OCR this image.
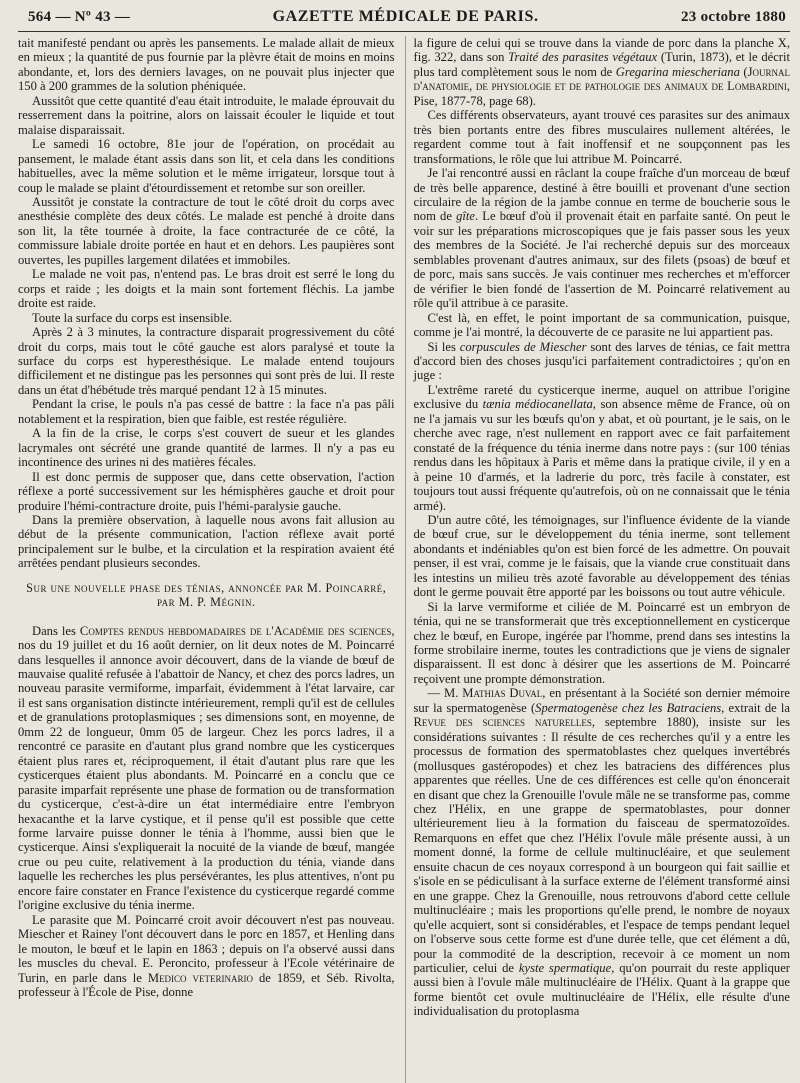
564 — Nº 43 —	GAZETTE MÉDICALE DE PARIS.	23 octobre 1880

tait manifesté pendant ou après les pansements. Le malade allait de mieux en mieux ; la quantité de pus fournie par la plèvre était de moins en moins abondante, et, lors des derniers lavages, on ne pouvait plus injecter que 150 à 200 grammes de la solution phéniquée.

Aussitôt que cette quantité d'eau était introduite, le malade éprouvait du resserrement dans la poitrine, alors on laissait écouler le liquide et tout malaise disparaissait.

Le samedi 16 octobre, 81e jour de l'opération, on procédait au pansement, le malade étant assis dans son lit, et cela dans les conditions habituelles, avec la même solution et le même irrigateur, lorsque tout à coup le malade se plaint d'étourdissement et retombe sur son oreiller.

Aussitôt je constate la contracture de tout le côté droit du corps avec anesthésie complète des deux côtés. Le malade est penché à droite dans son lit, la tête tournée à droite, la face contracturée de ce côté, la commissure labiale droite portée en haut et en dehors. Les paupières sont ouvertes, les pupilles largement dilatées et immobiles.

Le malade ne voit pas, n'entend pas. Le bras droit est serré le long du corps et raide ; les doigts et la main sont fortement fléchis. La jambe droite est raide.

Toute la surface du corps est insensible.

Après 2 à 3 minutes, la contracture disparait progressivement du côté droit du corps, mais tout le côté gauche est alors paralysé et toute la surface du corps est hyperesthésique. Le malade entend toujours difficilement et ne distingue pas les personnes qui sont près de lui. Il reste dans un état d'hébétude très marqué pendant 12 à 15 minutes.

Pendant la crise, le pouls n'a pas cessé de battre : la face n'a pas pâli notablement et la respiration, bien que faible, est restée régulière.

A la fin de la crise, le corps s'est couvert de sueur et les glandes lacrymales ont sécrété une grande quantité de larmes. Il n'y a pas eu incontinence des urines ni des matières fécales.

Il est donc permis de supposer que, dans cette observation, l'action réflexe a porté successivement sur les hémisphères gauche et droit pour produire l'hémi-contracture droite, puis l'hémi-paralysie gauche.

Dans la première observation, à laquelle nous avons fait allusion au début de la présente communication, l'action réflexe avait porté principalement sur le bulbe, et la circulation et la respiration avaient été arrêtées pendant plusieurs secondes.

Sur une nouvelle phase des ténias, annoncée par M. Poincarré,
par M. P. Mégnin.

Dans les Comptes rendus hebdomadaires de l'Académie des sciences, nos du 19 juillet et du 16 août dernier, on lit deux notes de M. Poincarré dans lesquelles il annonce avoir découvert, dans de la viande de bœuf de mauvaise qualité refusée à l'abattoir de Nancy, et chez des porcs ladres, un nouveau parasite vermiforme, imparfait, évidemment à l'état larvaire, car il est sans organisation distincte intérieurement, rempli qu'il est de cellules et de granulations protoplasmiques ; ses dimensions sont, en moyenne, de 0mm 22 de longueur, 0mm 05 de largeur. Chez les porcs ladres, il a rencontré ce parasite en d'autant plus grand nombre que les cysticerques étaient plus rares et, réciproquement, il était d'autant plus rare que les cysticerques étaient plus abondants. M. Poincarré en a conclu que ce parasite imparfait représente une phase de formation ou de transformation du cysticerque, c'est-à-dire un état intermédiaire entre l'embryon hexacanthe et la larve cystique, et il pense qu'il est possible que cette forme larvaire puisse donner le ténia à l'homme, aussi bien que le cysticerque. Ainsi s'expliquerait la nocuité de la viande de bœuf, mangée crue ou peu cuite, relativement à la production du ténia, viande dans laquelle les recherches les plus persévérantes, les plus attentives, n'ont pu encore faire constater en France l'existence du cysticerque regardé comme l'origine exclusive du ténia inerme.

Le parasite que M. Poincarré croit avoir découvert n'est pas nouveau. Miescher et Rainey l'ont découvert dans le porc en 1857, et Henling dans le mouton, le bœuf et le lapin en 1863 ; depuis on l'a observé aussi dans les muscles du cheval. E. Peroncito, professeur à l'Ecole vétérinaire de Turin, en parle dans le Medico veterinario de 1859, et Séb. Rivolta, professeur à l'École de Pise, donne

la figure de celui qui se trouve dans la viande de porc dans la planche X, fig. 322, dans son Traité des parasites végétaux (Turin, 1873), et le décrit plus tard complètement sous le nom de Gregarina miescheriana (Journal d'anatomie, de physiologie et de pathologie des animaux de Lombardini, Pise, 1877-78, page 68).

Ces différents observateurs, ayant trouvé ces parasites sur des animaux très bien portants entre des fibres musculaires nullement altérées, le regardent comme tout à fait inoffensif et ne soupçonnent pas les transformations, le rôle que lui attribue M. Poincarré.

Je l'ai rencontré aussi en râclant la coupe fraîche d'un morceau de bœuf de très belle apparence, destiné à être bouilli et provenant d'une section circulaire de la région de la jambe connue en terme de boucherie sous le nom de gîte. Le bœuf d'où il provenait était en parfaite santé. On peut le voir sur les préparations microscopiques que je fais passer sous les yeux des membres de la Société. Je l'ai recherché depuis sur des morceaux semblables provenant d'autres animaux, sur des filets (psoas) de bœuf et de porc, mais sans succès. Je vais continuer mes recherches et m'efforcer de vérifier le bien fondé de l'assertion de M. Poincarré relativement au rôle qu'il attribue à ce parasite.

C'est là, en effet, le point important de sa communication, puisque, comme je l'ai montré, la découverte de ce parasite ne lui appartient pas.

Si les corpuscules de Miescher sont des larves de ténias, ce fait mettra d'accord bien des choses jusqu'ici parfaitement contradictoires ; qu'on en juge :

L'extrême rareté du cysticerque inerme, auquel on attribue l'origine exclusive du tænia médiocanellata, son absence même de France, où on ne l'a jamais vu sur les bœufs qu'on y abat, et où pourtant, je le sais, on le cherche avec rage, n'est nullement en rapport avec ce fait parfaitement constaté de la fréquence du ténia inerme dans notre pays : (sur 100 ténias rendus dans les hôpitaux à Paris et même dans la pratique civile, il y en a à peine 10 d'armés, et la ladrerie du porc, très facile à constater, est toujours tout aussi fréquente qu'autrefois, où on ne connaissait que le ténia armé).

D'un autre côté, les témoignages, sur l'influence évidente de la viande de bœuf crue, sur le développement du ténia inerme, sont tellement abondants et indéniables qu'on est bien forcé de les admettre. On pouvait penser, il est vrai, comme je le faisais, que la viande crue constituait dans les intestins un milieu très azoté favorable au développement des ténias dont le germe pouvait être apporté par les boissons ou tout autre véhicule.

Si la larve vermiforme et ciliée de M. Poincarré est un embryon de ténia, qui ne se transformerait que très exceptionnellement en cysticerque chez le bœuf, en Europe, ingérée par l'homme, prend dans ses intestins la forme strobilaire inerme, toutes les contradictions que je viens de signaler disparaissent. Il est donc à désirer que les assertions de M. Poincarré reçoivent une prompte démonstration.

— M. Mathias Duval, en présentant à la Société son dernier mémoire sur la spermatogenèse (Spermatogenèse chez les Batraciens, extrait de la Revue des sciences naturelles, septembre 1880), insiste sur les considérations suivantes : Il résulte de ces recherches qu'il y a entre les processus de formation des spermatoblastes chez quelques invertébrés (mollusques gastéropodes) et chez les batraciens des différences plus apparentes que réelles. Une de ces différences est celle qu'on énoncerait en disant que chez la Grenouille l'ovule mâle ne se transforme pas, comme chez l'Hélix, en une grappe de spermatoblastes, pour donner ultérieurement lieu à la formation du faisceau de spermatozoïdes. Remarquons en effet que chez l'Hélix l'ovule mâle présente aussi, à un moment donné, la forme de cellule multinucléaire, et que seulement ensuite chacun de ces noyaux correspond à un bourgeon qui fait saillie et s'isole en se pédiculisant à la surface externe de l'élément transformé ainsi en une grappe. Chez la Grenouille, nous retrouvons d'abord cette cellule multinucléaire ; mais les proportions qu'elle prend, le nombre de noyaux qu'elle acquiert, sont si considérables, et l'espace de temps pendant lequel on l'observe sous cette forme est d'une durée telle, que cet élément a dû, pour la commodité de la description, recevoir à ce moment un nom particulier, celui de kyste spermatique, qu'on pourrait du reste appliquer aussi bien à l'ovule mâle multinucléaire de l'Hélix. Quant à la grappe que forme bientôt cet ovule multinucléaire de l'Hélix, elle résulte d'une individualisation du protoplasma
